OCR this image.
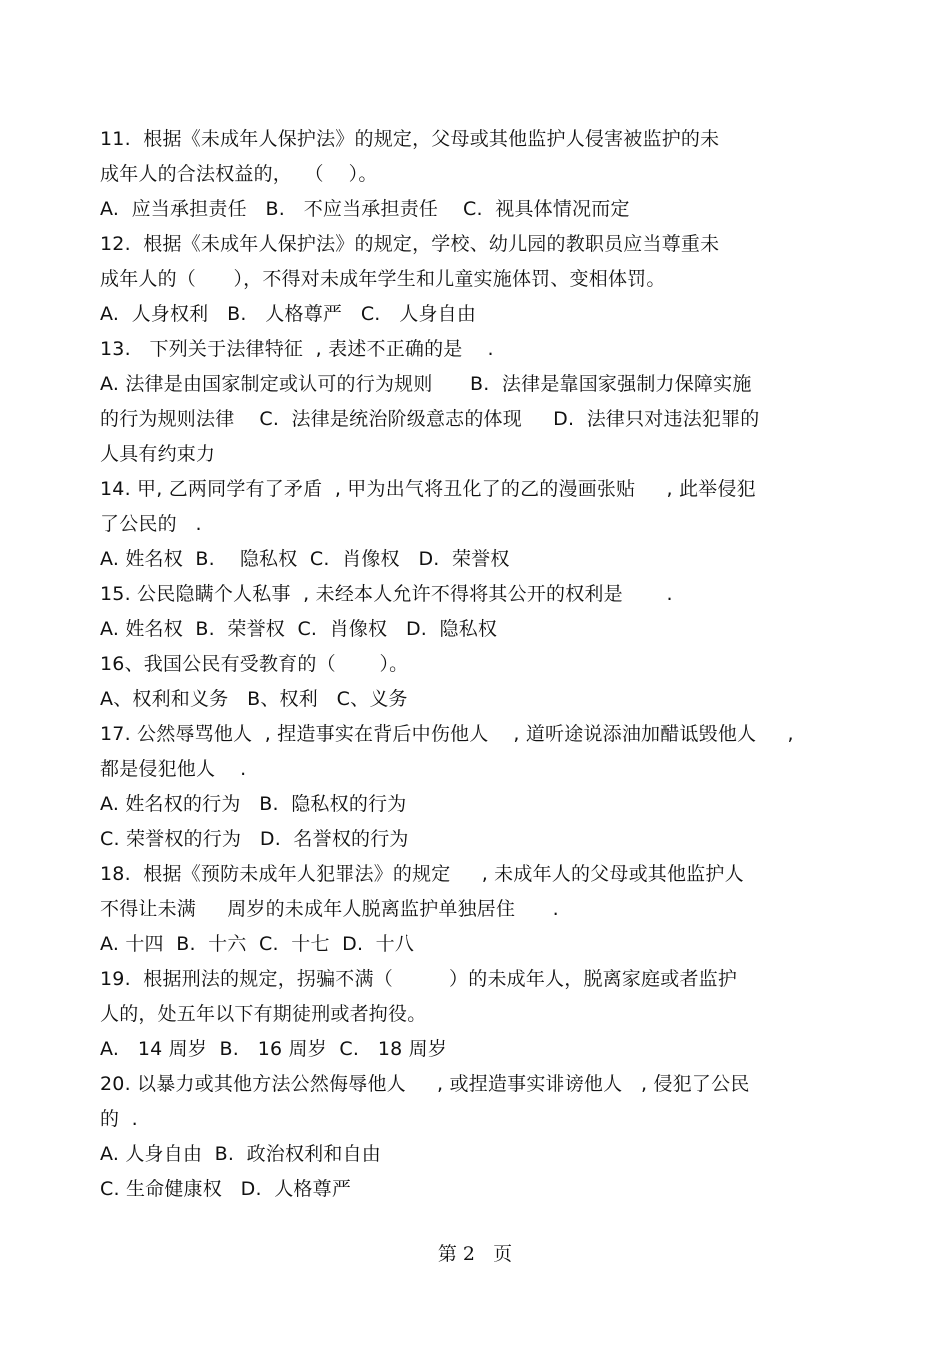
11.  根据《未成年人保护法》的规定，父母或其他监护人侵害被监护的未
成年人的合法权益的，  （    ）。
A.  应当承担责任   B.   不应当承担责任    C.  视具体情况而定
12.  根据《未成年人保护法》的规定，学校、幼儿园的教职员应当尊重未
成年人的（      ），不得对未成年学生和儿童实施体罚、变相体罚。
A.  人身权利   B.   人格尊严   C.   人身自由
13.   下列关于法律特征  , 表述不正确的是    .
A. 法律是由国家制定或认可的行为规则      B.  法律是靠国家强制力保障实施
的行为规则法律    C.  法律是统治阶级意志的体现     D.  法律只对违法犯罪的
人具有约束力
14. 甲, 乙两同学有了矛盾  , 甲为出气将丑化了的乙的漫画张贴     , 此举侵犯
了公民的   .
A. 姓名权  B.    隐私权  C.  肖像权   D.  荣誉权
15. 公民隐瞒个人私事  , 未经本人允许不得将其公开的权利是       .
A. 姓名权  B.  荣誉权  C.  肖像权   D.  隐私权
16、我国公民有受教育的（       ）。
A、权利和义务   B、权利   C、义务
17. 公然辱骂他人  , 捏造事实在背后中伤他人    , 道听途说添油加醋诋毁他人     ,
都是侵犯他人    .
A. 姓名权的行为   B.  隐私权的行为
C. 荣誉权的行为   D.  名誉权的行为
18.  根据《预防未成年人犯罪法》的规定     , 未成年人的父母或其他监护人
不得让未满     周岁的未成年人脱离监护单独居住      .
A. 十四  B.  十六  C.  十七  D.  十八
19.  根据刑法的规定，拐骗不满（         ）的未成年人，脱离家庭或者监护
人的，处五年以下有期徒刑或者拘役。
A.   14 周岁  B.   16 周岁  C.   18 周岁
20. 以暴力或其他方法公然侮辱他人     , 或捏造事实诽谤他人   , 侵犯了公民
的  .
A. 人身自由  B.  政治权利和自由
C. 生命健康权   D.  人格尊严
第 2   页
